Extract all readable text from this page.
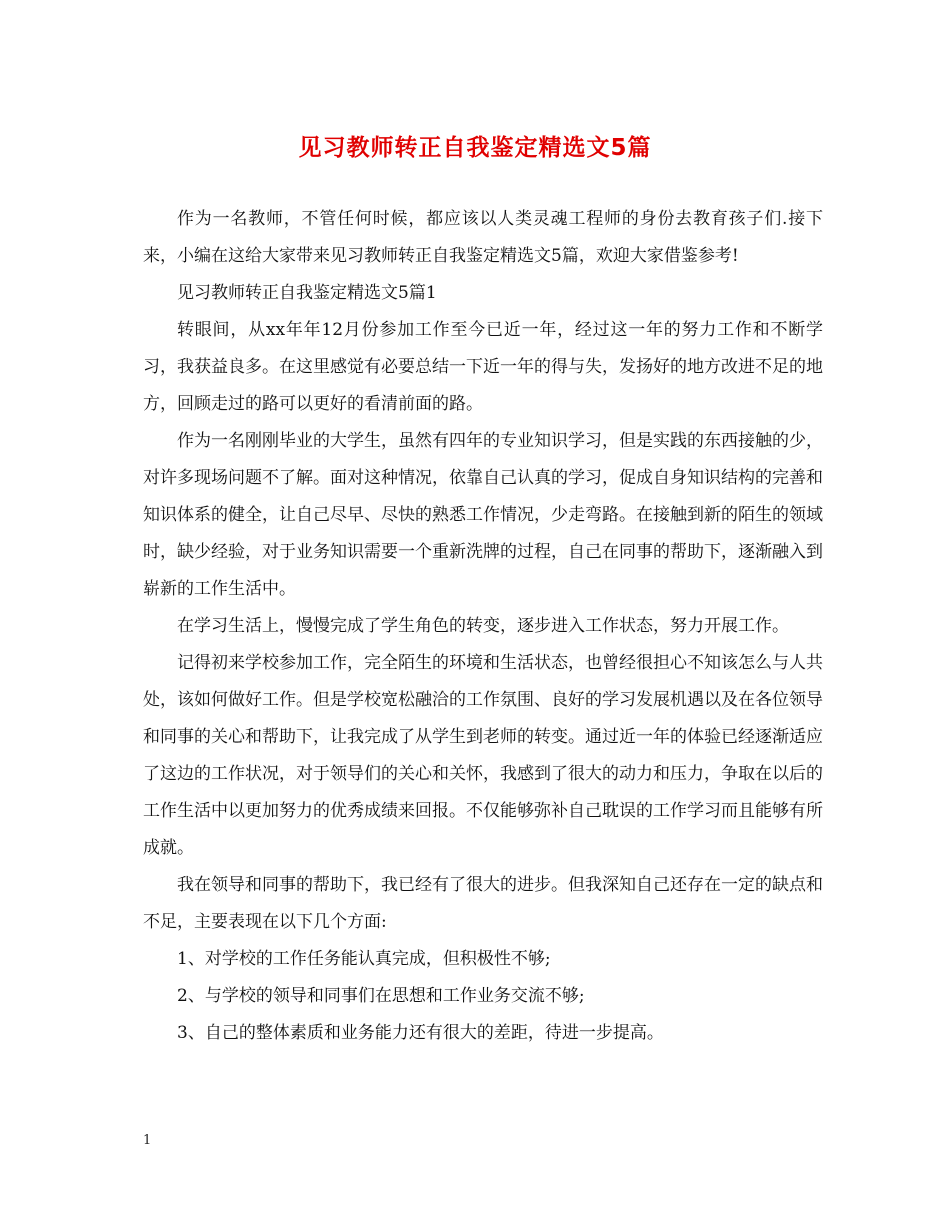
见习教师转正自我鉴定精选文5篇

作为一名教师，不管任何时候，都应该以人类灵魂工程师的身份去教育孩子们.接下来，小编在这给大家带来见习教师转正自我鉴定精选文5篇，欢迎大家借鉴参考!

见习教师转正自我鉴定精选文5篇1

转眼间，从xx年年12月份参加工作至今已近一年，经过这一年的努力工作和不断学习，我获益良多。在这里感觉有必要总结一下近一年的得与失，发扬好的地方改进不足的地方，回顾走过的路可以更好的看清前面的路。

作为一名刚刚毕业的大学生，虽然有四年的专业知识学习，但是实践的东西接触的少，对许多现场问题不了解。面对这种情况，依靠自己认真的学习，促成自身知识结构的完善和知识体系的健全，让自己尽早、尽快的熟悉工作情况，少走弯路。在接触到新的陌生的领域时，缺少经验，对于业务知识需要一个重新洗牌的过程，自己在同事的帮助下，逐渐融入到崭新的工作生活中。

在学习生活上，慢慢完成了学生角色的转变，逐步进入工作状态，努力开展工作。

记得初来学校参加工作，完全陌生的环境和生活状态，也曾经很担心不知该怎么与人共处，该如何做好工作。但是学校宽松融洽的工作氛围、良好的学习发展机遇以及在各位领导和同事的关心和帮助下，让我完成了从学生到老师的转变。通过近一年的体验已经逐渐适应了这边的工作状况，对于领导们的关心和关怀，我感到了很大的动力和压力，争取在以后的工作生活中以更加努力的优秀成绩来回报。不仅能够弥补自己耽误的工作学习而且能够有所成就。

我在领导和同事的帮助下，我已经有了很大的进步。但我深知自己还存在一定的缺点和不足，主要表现在以下几个方面:

1、对学校的工作任务能认真完成，但积极性不够;

2、与学校的领导和同事们在思想和工作业务交流不够;

3、自己的整体素质和业务能力还有很大的差距，待进一步提高。

1
